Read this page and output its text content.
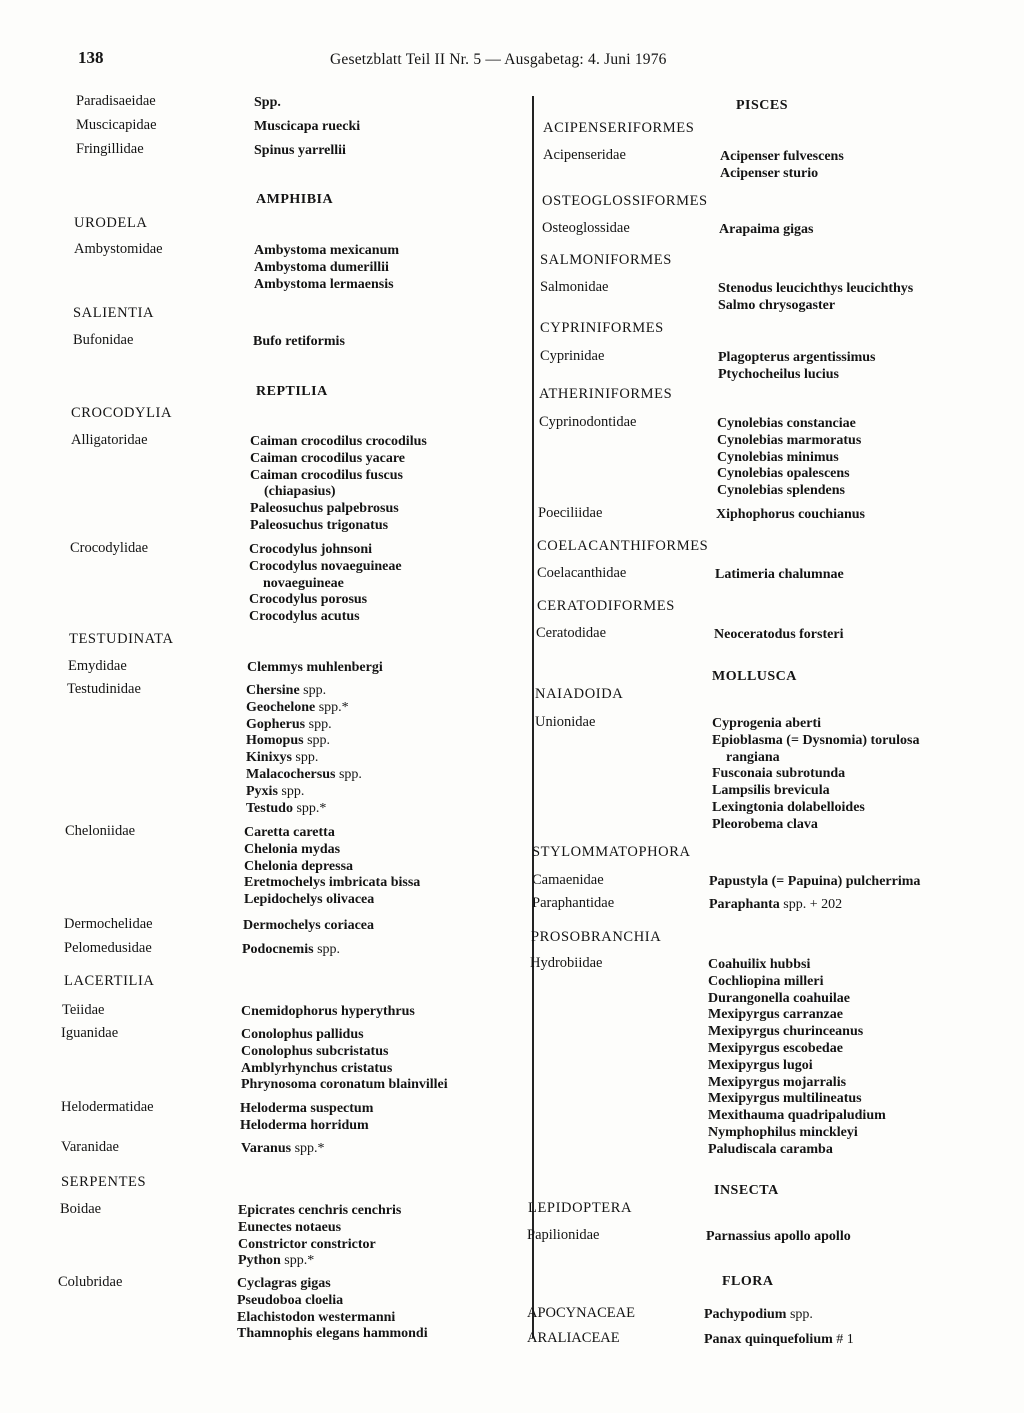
138	Gesetzblatt Teil II Nr. 5 — Ausgabetag: 4. Juni 1976
Paradisaeidae	Spp.
Muscicapidae	Muscicapa ruecki
Fringillidae	Spinus yarrellii
AMPHIBIA
URODELA
Ambystomidae	Ambystoma mexicanum
Ambystoma dumerillii
Ambystoma lermaensis
SALIENTIA
Bufonidae	Bufo retiformis
REPTILIA
CROCODYLIA
Alligatoridae	Caiman crocodilus crocodilus
Caiman crocodilus yacare
Caiman crocodilus fuscus
(chiapasius)
Paleosuchus palpebrosus
Paleosuchus trigonatus
Crocodylidae	Crocodylus johnsoni
Crocodylus novaeguineae
novaeguineae
Crocodylus porosus
Crocodylus acutus
TESTUDINATA
Emydidae	Clemmys muhlenbergi
Testudinidae	Chersine spp.
Geochelone spp.*
Gopherus spp.
Homopus spp.
Kinixys spp.
Malacochersus spp.
Pyxis spp.
Testudo spp.*
Cheloniidae	Caretta caretta
Chelonia mydas
Chelonia depressa
Eretmochelys imbricata bissa
Lepidochelys olivacea
Dermochelidae	Dermochelys coriacea
Pelomedusidae	Podocnemis spp.
LACERTILIA
Teiidae	Cnemidophorus hyperythrus
Iguanidae	Conolophus pallidus
Conolophus subcristatus
Amblyrhynchus cristatus
Phrynosoma coronatum blainvillei
Helodermatidae	Heloderma suspectum
Heloderma horridum
Varanidae	Varanus spp.*
SERPENTES
Boidae	Epicrates cenchris cenchris
Eunectes notaeus
Constrictor constrictor
Python spp.*
Colubridae	Cyclagras gigas
Pseudoboa cloelia
Elachistodon westermanni
Thamnophis elegans hammondi
PISCES
ACIPENSERIFORMES
Acipenseridae	Acipenser fulvescens
Acipenser sturio
OSTEOGLOSSIFORMES
Osteoglossidae	Arapaima gigas
SALMONIFORMES
Salmonidae	Stenodus leucichthys leucichthys
Salmo chrysogaster
CYPRINIFORMES
Cyprinidae	Plagopterus argentissimus
Ptychocheilus lucius
ATHERINIFORMES
Cyprinodontidae	Cynolebias constanciae
Cynolebias marmoratus
Cynolebias minimus
Cynolebias opalescens
Cynolebias splendens
Poeciliidae	Xiphophorus couchianus
COELACANTHIFORMES
Coelacanthidae	Latimeria chalumnae
CERATODIFORMES
Ceratodidae	Neoceratodus forsteri
MOLLUSCA
NAIADOIDA
Unionidae	Cyprogenia aberti
Epioblasma (= Dysnomia) torulosa
rangiana
Fusconaia subrotunda
Lampsilis brevicula
Lexingtonia dolabelloides
Pleorobema clava
STYLOMMATOPHORA
Camaenidae	Papustyla (= Papuina) pulcherrima
Paraphantidae	Paraphanta spp. + 202
PROSOBRANCHIA
Hydrobiidae	Coahuilix hubbsi
Cochliopina milleri
Durangonella coahuilae
Mexipyrgus carranzae
Mexipyrgus churinceanus
Mexipyrgus escobedae
Mexipyrgus lugoi
Mexipyrgus mojarralis
Mexipyrgus multilineatus
Mexithauma quadripaludium
Nymphophilus minckleyi
Paludiscala caramba
INSECTA
LEPIDOPTERA
Papilionidae	Parnassius apollo apollo
FLORA
APOCYNACEAE	Pachypodium spp.
ARALIACEAE	Panax quinquefolium # 1
